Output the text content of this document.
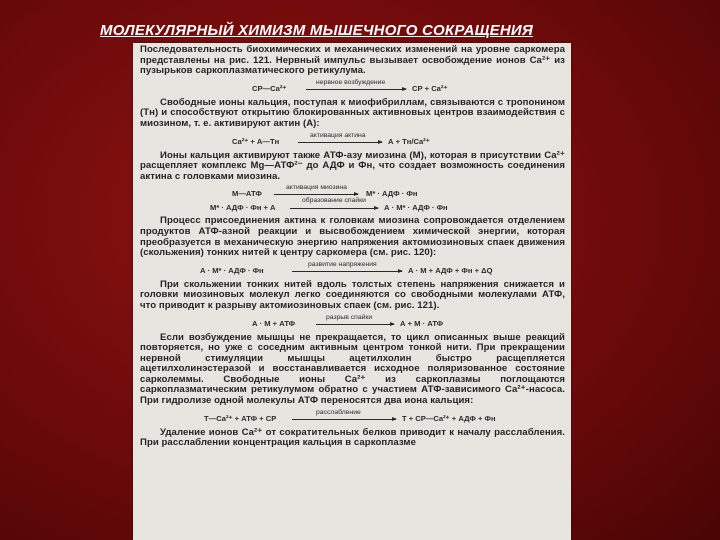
МОЛЕКУЛЯРНЫЙ ХИМИЗМ МЫШЕЧНОГО СОКРАЩЕНИЯ

Последовательность биохимических и механических изменений на уровне саркомера представлены на рис. 121. Нервный импульс вызывает освобождение ионов Ca²⁺ из пузырьков саркоплазматического ретикулума.

СР—Ca²⁺
нервное возбуждение
СР + Ca²⁺

Свободные ионы кальция, поступая к миофибриллам, связываются с тропонином (Тн) и способствуют открытию блокированных активновых центров взаимодействия с миозином, т. е. активируют актин (А):

Ca²⁺ + А—Тн
активация актина
А + Тн/Ca²⁺

Ионы кальция активируют также АТФ-азу миозина (М), которая в присутствии Ca²⁺ расщепляет комплекс Mg—АТФ²⁻ до АДФ и Фн, что создает возможность соединения актина с головками миозина.

М—АТФ
активация миозина
М* · АДФ · Фн
М* · АДФ · Фн + А
образование спайки
А · М* · АДФ · Фн

Процесс присоединения актина к головкам миозина сопровождается отделением продуктов АТФ-азной реакции и высвобождением химической энергии, которая преобразуется в механическую энергию напряжения актомиозиновых спаек движения (скольжения) тонких нитей к центру саркомера (см. рис. 120):

А · М* · АДФ · Фн
развитие напряжения
А · М + АДФ + Фн + ΔQ

При скольжении тонких нитей вдоль толстых степень напряжения снижается и головки миозиновых молекул легко соединяются со свободными молекулами АТФ, что приводит к разрыву актомиозиновых спаек (см. рис. 121).

А · М + АТФ
разрыв спайки
А + М · АТФ

Если возбуждение мышцы не прекращается, то цикл описанных выше реакций повторяется, но уже с соседним активным центром тонкой нити. При прекращении нервной стимуляции мышцы ацетилхолин быстро расщепляется ацетилхолинэстеразой и восстанавливается исходное поляризованное состояние сарколеммы. Свободные ионы Ca²⁺ из саркоплазмы поглощаются саркоплазматическим ретикулумом обратно с участием АТФ-зависимого Ca²⁺-насоса. При гидролизе одной молекулы АТФ переносятся два иона кальция:

Т—Ca²⁺ + АТФ + СР
расслабление
Т + СР—Ca²⁺ + АДФ + Фн

Удаление ионов Ca²⁺ от сократительных белков приводит к началу расслабления. При расслаблении концентрация кальция в саркоплазме
